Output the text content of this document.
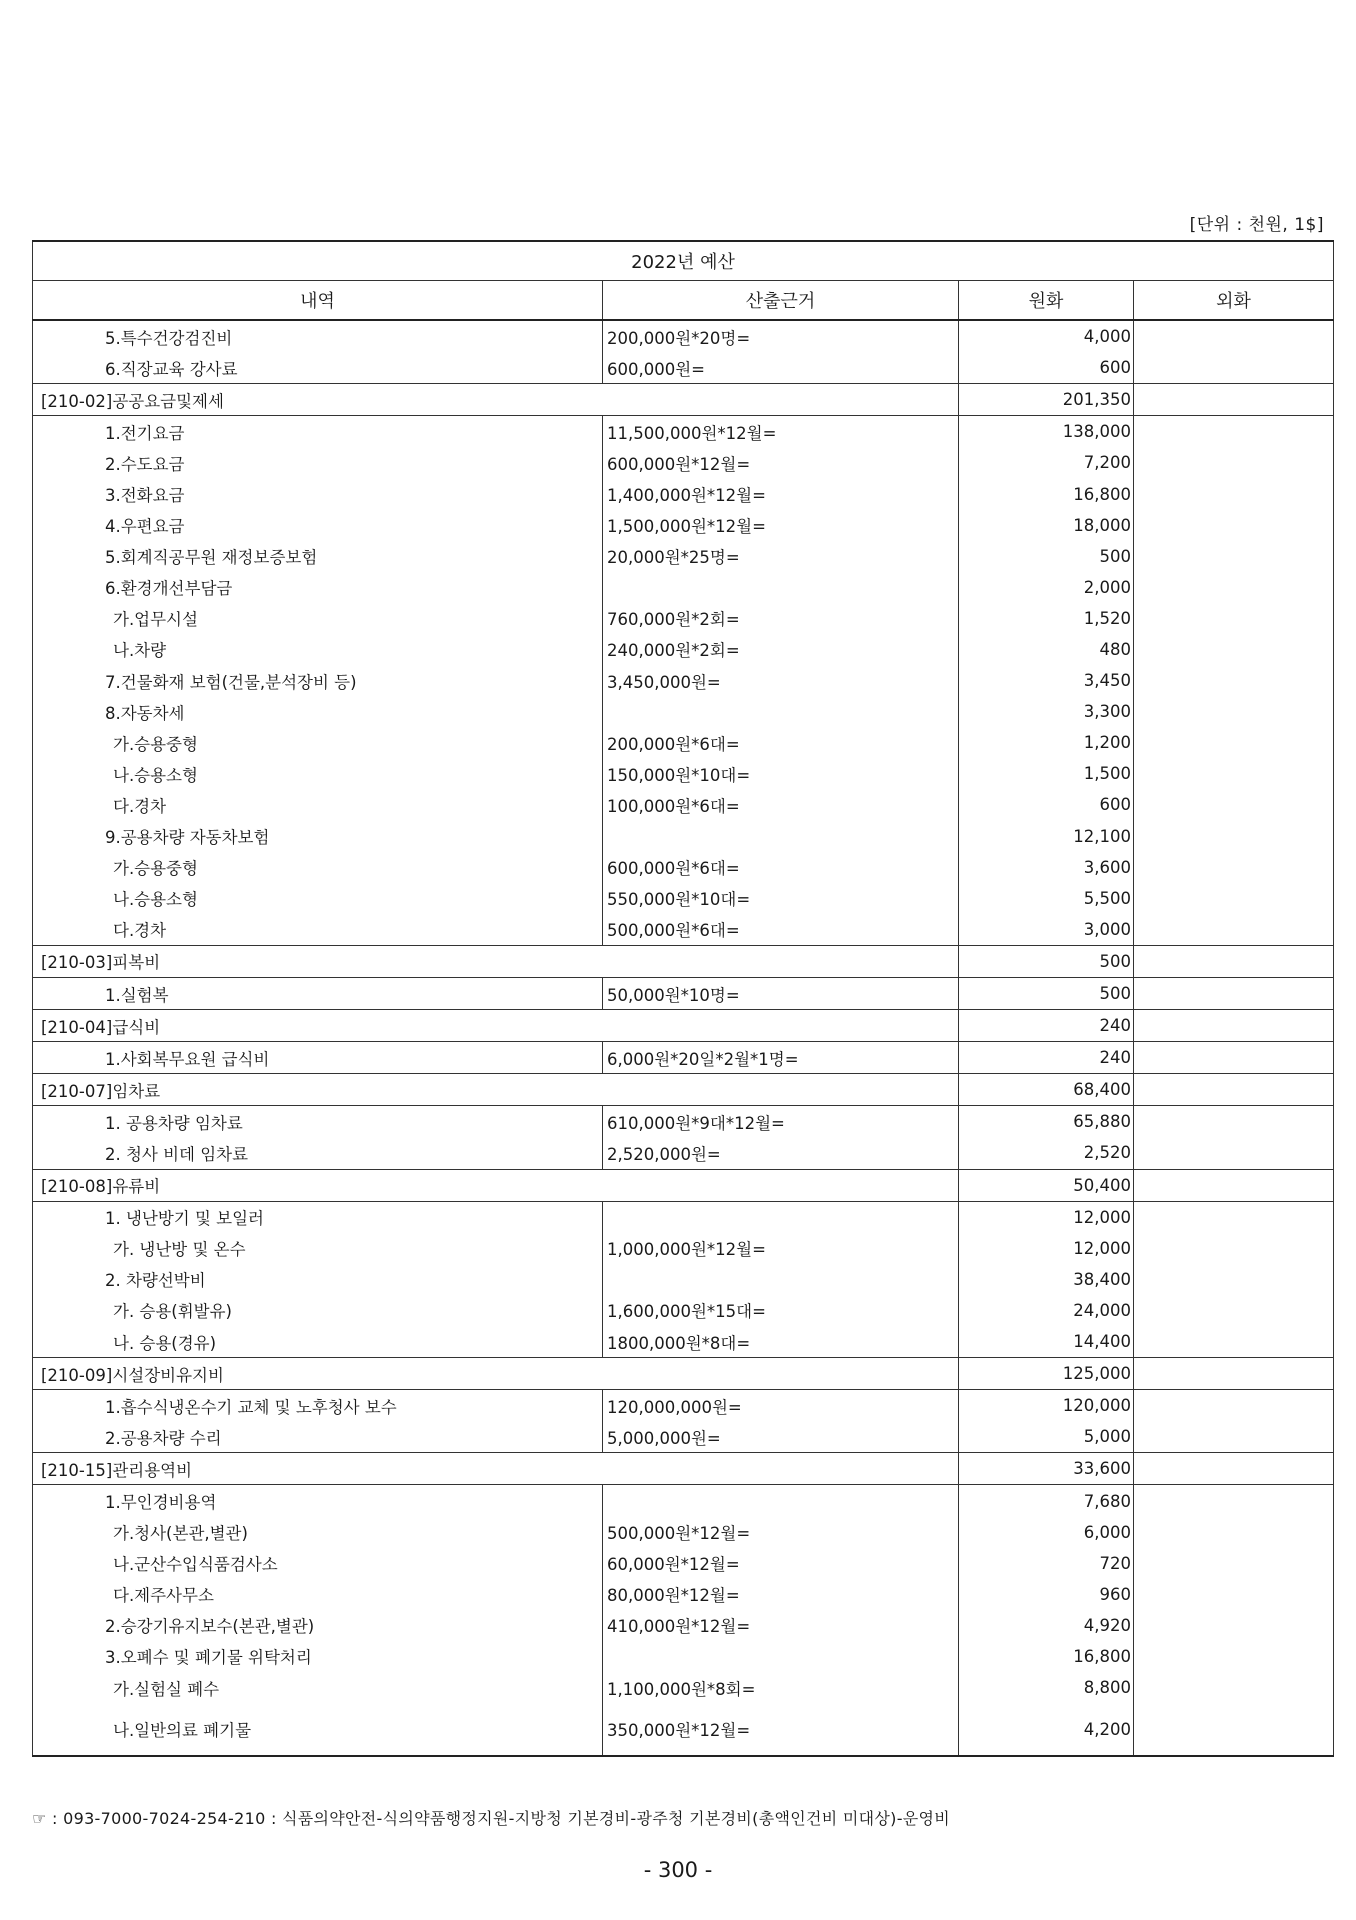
[단위 : 천원, 1$]
2022년 예산			
내역	산출근거	원화	외화
5.특수건강검진비	200,000원*20명=	4,000	
6.직장교육 강사료	600,000원=	600	
[210-02]공공요금및제세		201,350	
1.전기요금	11,500,000원*12월=	138,000	
2.수도요금	600,000원*12월=	7,200	
3.전화요금	1,400,000원*12월=	16,800	
4.우편요금	1,500,000원*12월=	18,000	
5.회계직공무원 재정보증보험	20,000원*25명=	500	
6.환경개선부담금		2,000	
가.업무시설	760,000원*2회=	1,520	
나.차량	240,000원*2회=	480	
7.건물화재 보험(건물,분석장비 등)	3,450,000원=	3,450	
8.자동차세		3,300	
가.승용중형	200,000원*6대=	1,200	
나.승용소형	150,000원*10대=	1,500	
다.경차	100,000원*6대=	600	
9.공용차량 자동차보험		12,100	
가.승용중형	600,000원*6대=	3,600	
나.승용소형	550,000원*10대=	5,500	
다.경차	500,000원*6대=	3,000	
[210-03]피복비		500	
1.실험복	50,000원*10명=	500	
[210-04]급식비		240	
1.사회복무요원 급식비	6,000원*20일*2월*1명=	240	
[210-07]임차료		68,400	
1. 공용차량 임차료	610,000원*9대*12월=	65,880	
2. 청사 비데 임차료	2,520,000원=	2,520	
[210-08]유류비		50,400	
1. 냉난방기 및 보일러		12,000	
가. 냉난방 및 온수	1,000,000원*12월=	12,000	
2. 차량선박비		38,400	
가. 승용(휘발유)	1,600,000원*15대=	24,000	
나. 승용(경유)	1800,000원*8대=	14,400	
[210-09]시설장비유지비		125,000	
1.흡수식냉온수기 교체 및 노후청사 보수	120,000,000원=	120,000	
2.공용차량 수리	5,000,000원=	5,000	
[210-15]관리용역비		33,600	
1.무인경비용역		7,680	
가.청사(본관,별관)	500,000원*12월=	6,000	
나.군산수입식품검사소	60,000원*12월=	720	
다.제주사무소	80,000원*12월=	960	
2.승강기유지보수(본관,별관)	410,000원*12월=	4,920	
3.오폐수 및 폐기물 위탁처리		16,800	
가.실험실 폐수	1,100,000원*8회=	8,800	
나.일반의료 폐기물	350,000원*12월=	4,200	
☞ : 093-7000-7024-254-210 : 식품의약안전-식의약품행정지원-지방청 기본경비-광주청 기본경비(총액인건비 미대상)-운영비
- 300 -
